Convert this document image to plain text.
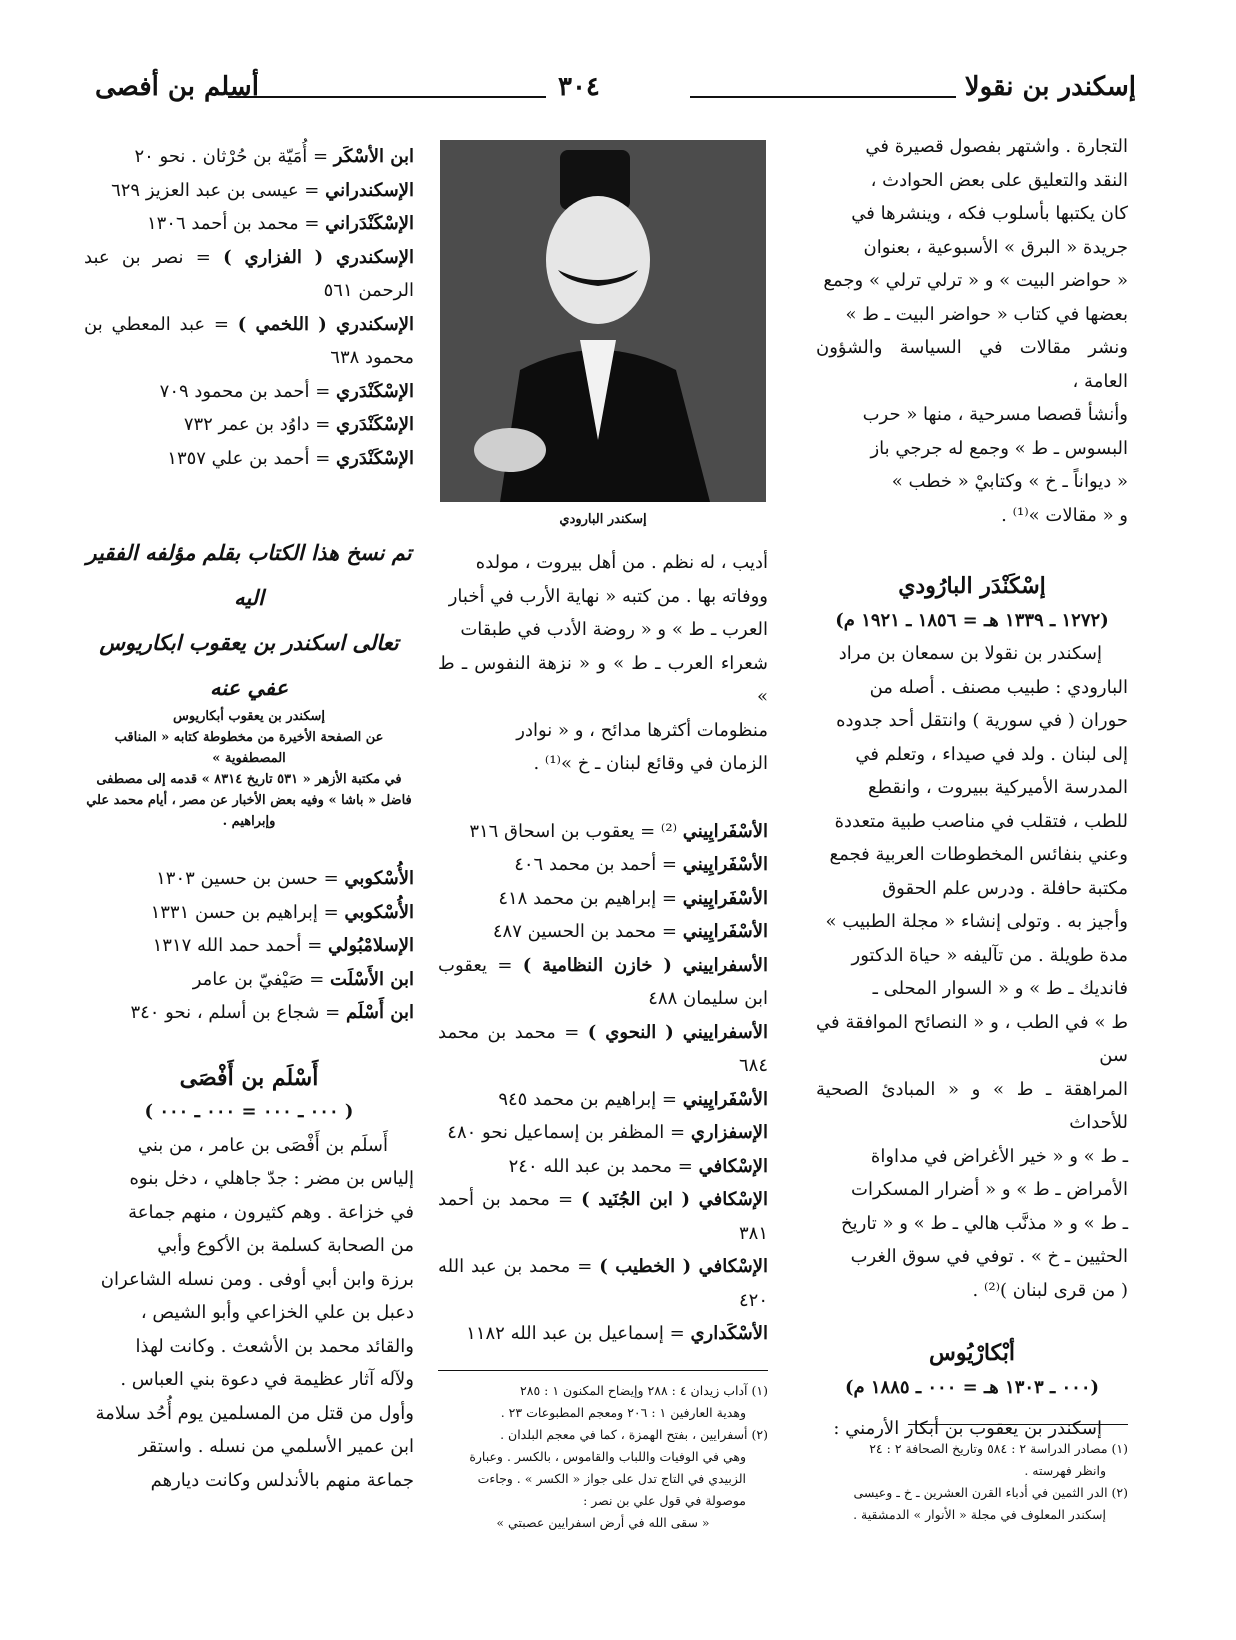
إسكندر بن نقولا
٣٠٤
أسلم بن أفصى

التجارة . واشتهر بفصول قصيرة في

النقد والتعليق على بعض الحوادث ،

كان يكتبها بأسلوب فكه ، وينشرها في

جريدة « البرق » الأسبوعية ، بعنوان

« حواضر البيت » و « ترلي ترلي » وجمع

بعضها في كتاب « حواضر البيت ـ ط »

ونشر مقالات في السياسة والشؤون العامة ،

وأنشأ قصصا مسرحية ، منها « حرب

البسوس ـ ط » وجمع له جرجي باز

« ديواناً ـ خ » وكتابيْ « خطب »

و « مقالات »⁽¹⁾ .

إسْكَنْدَر البارُودي

(١٢٧٢ ـ ١٣٣٩ هـ = ١٨٥٦ ـ ١٩٢١ م)

إسكندر بن نقولا بن سمعان بن مراد

البارودي : طبيب مصنف . أصله من

حوران ( في سورية ) وانتقل أحد جدوده

إلى لبنان . ولد في صيداء ، وتعلم في

المدرسة الأميركية ببيروت ، وانقطع

للطب ، فتقلب في مناصب طبية متعددة

وعني بنفائس المخطوطات العربية فجمع

مكتبة حافلة . ودرس علم الحقوق

وأجيز به . وتولى إنشاء « مجلة الطبيب »

مدة طويلة . من تآليفه « حياة الدكتور

فانديك ـ ط » و « السوار المحلى ـ

ط » في الطب ، و « النصائح الموافقة في سن

المراهقة ـ ط » و « المبادئ الصحية للأحداث

ـ ط » و « خير الأغراض في مداواة

الأمراض ـ ط » و « أضرار المسكرات

ـ ط » و « مذنَّب هالي ـ ط » و « تاريخ

الحثيين ـ خ » . توفي في سوق الغرب

( من قرى لبنان )⁽²⁾ .

أبْكارْيُوس

(٠٠٠ ـ ١٣٠٣ هـ = ٠٠٠ ـ ١٨٨٥ م)

إسكندر بن يعقوب بن أبكار الأرمني :

(١) مصادر الدراسة ٢ : ٥٨٤ وتاريخ الصحافة ٢ : ٢٤

وانظر فهرسته .

(٢) الدر الثمين في أدباء القرن العشرين ـ خ ـ وعيسى

إسكندر المعلوف في مجلة « الأنوار » الدمشقية .

إسكندر البارودي

أديب ، له نظم . من أهل بيروت ، مولده

ووفاته بها . من كتبه « نهاية الأرب في أخبار

العرب ـ ط » و « روضة الأدب في طبقات

شعراء العرب ـ ط » و « نزهة النفوس ـ ط »

منظومات أكثرها مدائح ، و « نوادر

الزمان في وقائع لبنان ـ خ »⁽¹⁾ .

الأسْفَرايِيني ⁽²⁾ = يعقوب بن اسحاق ٣١٦

الأسْفَرايِيني = أحمد بن محمد ٤٠٦

الأسْفَرايِيني = إبراهيم بن محمد ٤١٨

الأسْفَرايِيني = محمد بن الحسين ٤٨٧

الأسفراييني ( خازن النظامية ) = يعقوب ابن سليمان ٤٨٨

الأسفراييني ( النحوي ) = محمد بن محمد ٦٨٤

الأسْفَرايِيني = إبراهيم بن محمد ٩٤٥

الإسفزاري = المظفر بن إسماعيل نحو ٤٨٠

الإسْكافي = محمد بن عبد الله ٢٤٠

الإسْكافي ( ابن الجُنَيد ) = محمد بن أحمد ٣٨١

الإسْكافي ( الخطيب ) = محمد بن عبد الله ٤٢٠

الأسْكَداري = إسماعيل بن عبد الله ١١٨٢

(١) آداب زيدان ٤ : ٢٨٨ وإيضاح المكنون ١ : ٢٨٥

وهدية العارفين ١ : ٢٠٦ ومعجم المطبوعات ٢٣ .

(٢) أسفرايين ، بفتح الهمزة ، كما في معجم البلدان .

وهي في الوفيات واللباب والقاموس ، بالكسر . وعبارة

الزبيدي في التاج تدل على جواز « الكسر » . وجاءت

موصولة في قول علي بن نصر :

« سقى الله في أرض اسفرايين عصبتي »

ابن الأسْكَر = أُمَيّة بن حُرْثان . نحو ٢٠

الإسكندراني = عيسى بن عبد العزيز ٦٢٩

الإسْكَنْدَراني = محمد بن أحمد ١٣٠٦

الإسكندري ( الفزاري ) = نصر بن عبد الرحمن ٥٦١

الإسكندري ( اللخمي ) = عبد المعطي بن محمود ٦٣٨

الإسْكَنْدَري = أحمد بن محمود ٧٠٩

الإسْكَنْدَري = داوُد بن عمر ٧٣٢

الإسْكَنْدَري = أحمد بن علي ١٣٥٧

تم نسخ هذا الكتاب بقلم مؤلفه الفقير اليه
تعالى اسكندر بن يعقوب ابكاريوس
عفي عنه
إسكندر بن يعقوب أبكاريوس
عن الصفحة الأخيرة من مخطوطة كتابه « المناقب المصطفوية »
في مكتبة الأزهر « ٥٣١ تاريخ ٨٣١٤ » قدمه إلى مصطفى
فاضل « باشا » وفيه بعض الأخبار عن مصر ، أيام محمد علي
وإبراهيم .

الأُسْكوبي = حسن بن حسين ١٣٠٣

الأُسْكوبي = إبراهيم بن حسن ١٣٣١

الإسلامْبُولي = أحمد حمد الله ١٣١٧

ابن الأَسْلَت = صَيْفيّ بن عامر

ابن أَسْلَم = شجاع بن أسلم ، نحو ٣٤٠

أَسْلَم بن أَفْصَى

( ٠٠٠ ـ ٠٠٠ = ٠٠٠ ـ ٠٠٠ )

أَسلَم بن أَفْصَى بن عامر ، من بني

إلياس بن مضر : جدّ جاهلي ، دخل بنوه

في خزاعة . وهم كثيرون ، منهم جماعة

من الصحابة كسلمة بن الأكوع وأبي

برزة وابن أبي أوفى . ومن نسله الشاعران

دعبل بن علي الخزاعي وأبو الشيص ،

والقائد محمد بن الأشعث . وكانت لهذا

ولآله آثار عظيمة في دعوة بني العباس .

وأول من قتل من المسلمين يوم أُحُد سلامة

ابن عمير الأسلمي من نسله . واستقر

جماعة منهم بالأندلس وكانت ديارهم
